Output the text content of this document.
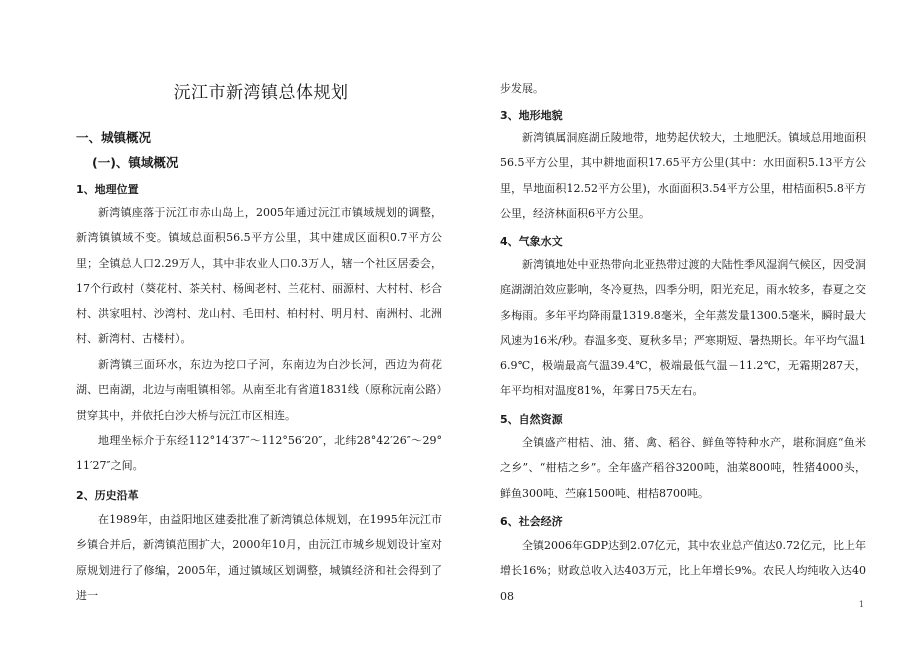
沅江市新湾镇总体规划
一、城镇概况
(一)、镇域概况
1、地理位置
新湾镇座落于沅江市赤山岛上，2005年通过沅江市镇域规划的调整，新湾镇镇域不变。镇域总面积56.5平方公里，其中建成区面积0.7平方公里；全镇总人口2.29万人，其中非农业人口0.3万人，辖一个社区居委会，17个行政村（葵花村、茶关村、杨闽老村、兰花村、丽源村、大村村、杉合村、洪家咀村、沙湾村、龙山村、毛田村、柏村村、明月村、南洲村、北洲村、新湾村、古楼村）。
新湾镇三面环水，东边为挖口子河，东南边为白沙长河，西边为荷花湖、巴南湖，北边与南咀镇相邻。从南至北有省道1831线（原称沅南公路）贯穿其中，并依托白沙大桥与沅江市区相连。
地理坐标介于东经112°14′37″～112°56′20″，北纬28°42′26″～29°11′27″之间。
2、历史沿革
在1989年，由益阳地区建委批准了新湾镇总体规划，在1995年沅江市乡镇合并后，新湾镇范围扩大，2000年10月，由沅江市城乡规划设计室对原规划进行了修编，2005年，通过镇域区划调整，城镇经济和社会得到了进一
步发展。
3、地形地貌
新湾镇属洞庭湖丘陵地带，地势起伏较大，土地肥沃。镇域总用地面积56.5平方公里，其中耕地面积17.65平方公里(其中：水田面积5.13平方公里，旱地面积12.52平方公里)，水面面积3.54平方公里，柑桔面积5.8平方公里，经济林面积6平方公里。
4、气象水文
新湾镇地处中亚热带向北亚热带过渡的大陆性季风湿润气候区，因受洞庭湖湖泊效应影响，冬冷夏热，四季分明，阳光充足，雨水较多，春夏之交多梅雨。多年平均降雨量1319.8毫米，全年蒸发量1300.5毫米，瞬时最大风速为16米/秒。春温多变、夏秋多旱；严寒期短、暑热期长。年平均气温16.9℃，极端最高气温39.4℃，极端最低气温－11.2℃，无霜期287天，年平均相对温度81%，年雾日75天左右。
5、自然资源
全镇盛产柑桔、油、猪、禽、稻谷、鲜鱼等特种水产，堪称洞庭“鱼米之乡”、“柑桔之乡”。全年盛产稻谷3200吨，油菜800吨，牲猪4000头，鲜鱼300吨、苎麻1500吨、柑桔8700吨。
6、社会经济
全镇2006年GDP达到2.07亿元，其中农业总产值达0.72亿元，比上年增长16%；财政总收入达403万元，比上年增长9%。农民人均纯收入达4008
1
